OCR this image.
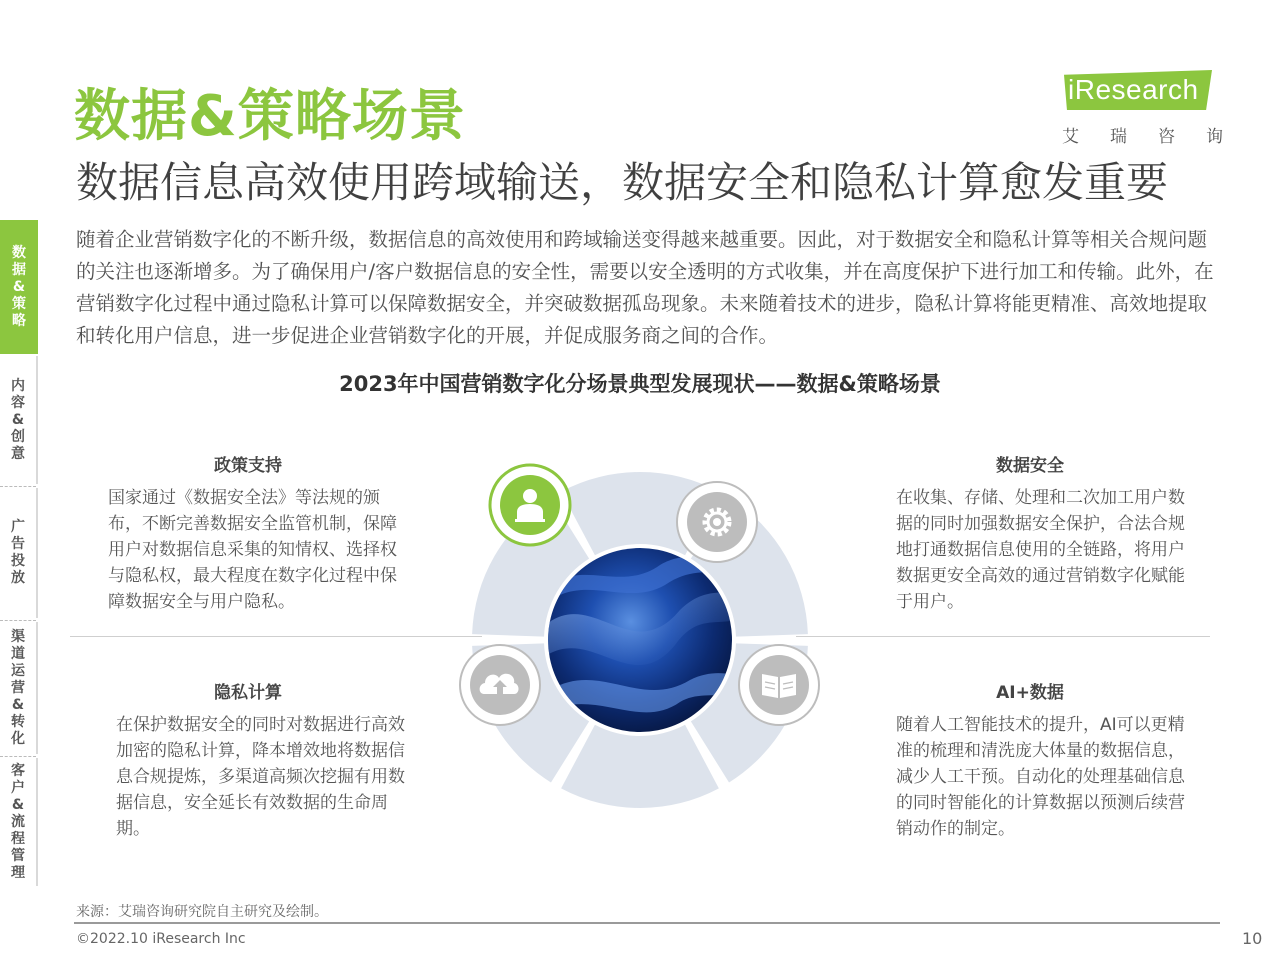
数据&策略场景
数据信息高效使用跨域输送，数据安全和隐私计算愈发重要
iResearch
艾瑞咨询
数据&策略
内容&创意
广告投放
渠道运营&转化
客户&流程管理
随着企业营销数字化的不断升级，数据信息的高效使用和跨域输送变得越来越重要。因此，对于数据安全和隐私计算等相关合规问题的关注也逐渐增多。为了确保用户/客户数据信息的安全性，需要以安全透明的方式收集，并在高度保护下进行加工和传输。此外，在营销数字化过程中通过隐私计算可以保障数据安全，并突破数据孤岛现象。未来随着技术的进步，隐私计算将能更精准、高效地提取和转化用户信息，进一步促进企业营销数字化的开展，并促成服务商之间的合作。
2023年中国营销数字化分场景典型发展现状——数据&策略场景
政策支持
国家通过《数据安全法》等法规的颁布，不断完善数据安全监管机制，保障用户对数据信息采集的知情权、选择权与隐私权，最大程度在数字化过程中保障数据安全与用户隐私。
数据安全
在收集、存储、处理和二次加工用户数据的同时加强数据安全保护，合法合规地打通数据信息使用的全链路，将用户数据更安全高效的通过营销数字化赋能于用户。
隐私计算
在保护数据安全的同时对数据进行高效加密的隐私计算，降本增效地将数据信息合规提炼，多渠道高频次挖掘有用数据信息，安全延长有效数据的生命周期。
AI+数据
随着人工智能技术的提升，AI可以更精准的梳理和清洗庞大体量的数据信息，减少人工干预。自动化的处理基础信息的同时智能化的计算数据以预测后续营销动作的制定。
来源：艾瑞咨询研究院自主研究及绘制。
©2022.10 iResearch Inc	10
